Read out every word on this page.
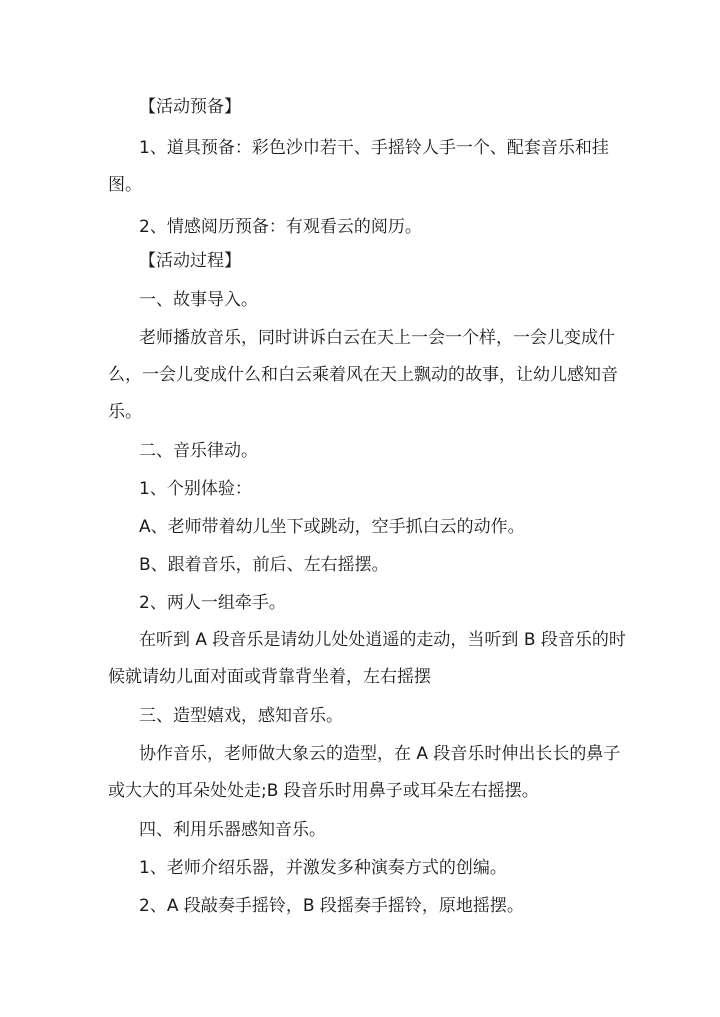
【活动预备】
1、道具预备：彩色沙巾若干、手摇铃人手一个、配套音乐和挂
图。
2、情感阅历预备：有观看云的阅历。
【活动过程】
一、故事导入。
老师播放音乐，同时讲诉白云在天上一会一个样，一会儿变成什
么，一会儿变成什么和白云乘着风在天上飘动的故事，让幼儿感知音
乐。
二、音乐律动。
1、个别体验：
A、老师带着幼儿坐下或跳动，空手抓白云的动作。
B、跟着音乐，前后、左右摇摆。
2、两人一组牵手。
在听到 A 段音乐是请幼儿处处逍遥的走动，当听到 B 段音乐的时
候就请幼儿面对面或背靠背坐着，左右摇摆
三、造型嬉戏，感知音乐。
协作音乐，老师做大象云的造型，在 A 段音乐时伸出长长的鼻子
或大大的耳朵处处走;B 段音乐时用鼻子或耳朵左右摇摆。
四、利用乐器感知音乐。
1、老师介绍乐器，并激发多种演奏方式的创编。
2、A 段敲奏手摇铃，B 段摇奏手摇铃，原地摇摆。
